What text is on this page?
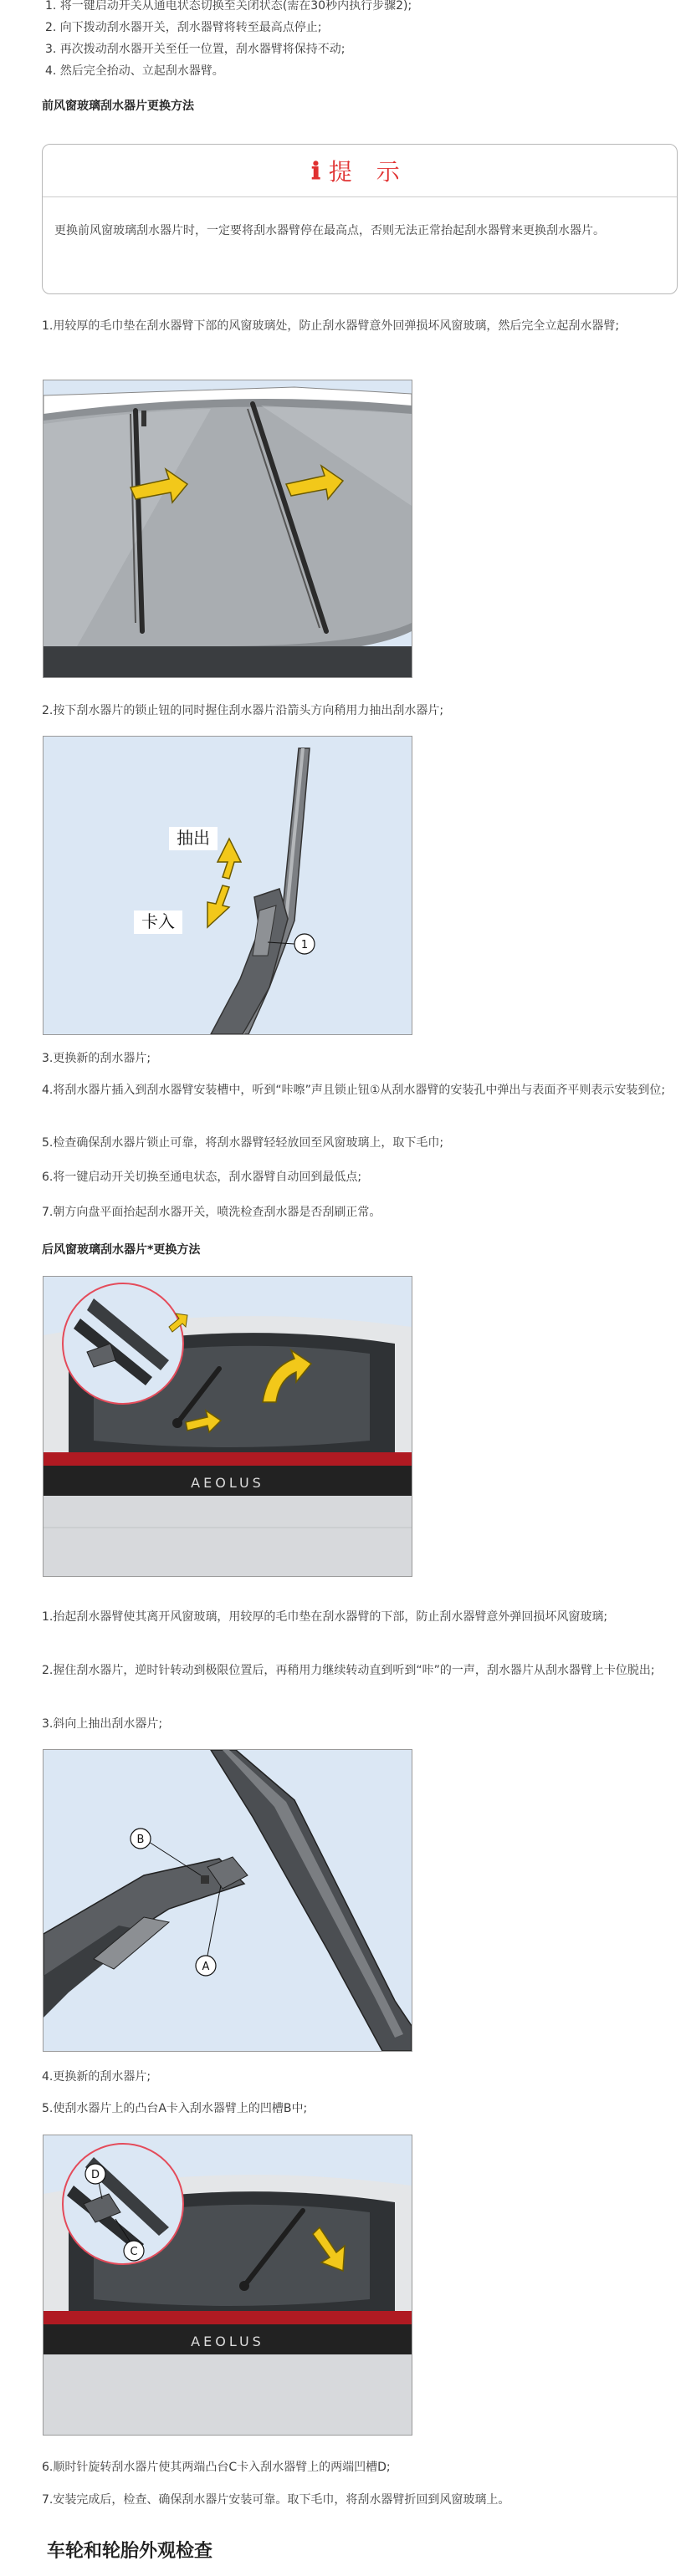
1. 将一键启动开关从通电状态切换至关闭状态(需在30秒内执行步骤2);
2. 向下拨动刮水器开关，刮水器臂将转至最高点停止;
3. 再次拨动刮水器开关至任一位置，刮水器臂将保持不动;
4. 然后完全抬动、立起刮水器臂。
前风窗玻璃刮水器片更换方法
ℹ 提 示
更换前风窗玻璃刮水器片时，一定要将刮水器臂停在最高点，否则无法正常抬起刮水器臂来更换刮水器片。
1.用较厚的毛巾垫在刮水器臂下部的风窗玻璃处，防止刮水器臂意外回弹损坏风窗玻璃，然后完全立起刮水器臂;
2.按下刮水器片的锁止钮的同时握住刮水器片沿箭头方向稍用力抽出刮水器片;
抽出
卡入
1
3.更换新的刮水器片;
4.将刮水器片插入到刮水器臂安装槽中，听到“咔嚓”声且锁止钮①从刮水器臂的安装孔中弹出与表面齐平则表示安装到位;
5.检查确保刮水器片锁止可靠，将刮水器臂轻轻放回至风窗玻璃上，取下毛巾;
6.将一键启动开关切换至通电状态，刮水器臂自动回到最低点;
7.朝方向盘平面抬起刮水器开关，喷洗检查刮水器是否刮刷正常。
后风窗玻璃刮水器片*更换方法
AEOLUS
1.抬起刮水器臂使其离开风窗玻璃，用较厚的毛巾垫在刮水器臂的下部，防止刮水器臂意外弹回损坏风窗玻璃;
2.握住刮水器片，逆时针转动到极限位置后，再稍用力继续转动直到听到“咔”的一声，刮水器片从刮水器臂上卡位脱出;
3.斜向上抽出刮水器片;
B
A
4.更换新的刮水器片;
5.使刮水器片上的凸台A卡入刮水器臂上的凹槽B中;
AEOLUS
D
C
6.顺时针旋转刮水器片使其两端凸台C卡入刮水器臂上的两端凹槽D;
7.安装完成后，检查、确保刮水器片安装可靠。取下毛巾，将刮水器臂折回到风窗玻璃上。
车轮和轮胎外观检查
